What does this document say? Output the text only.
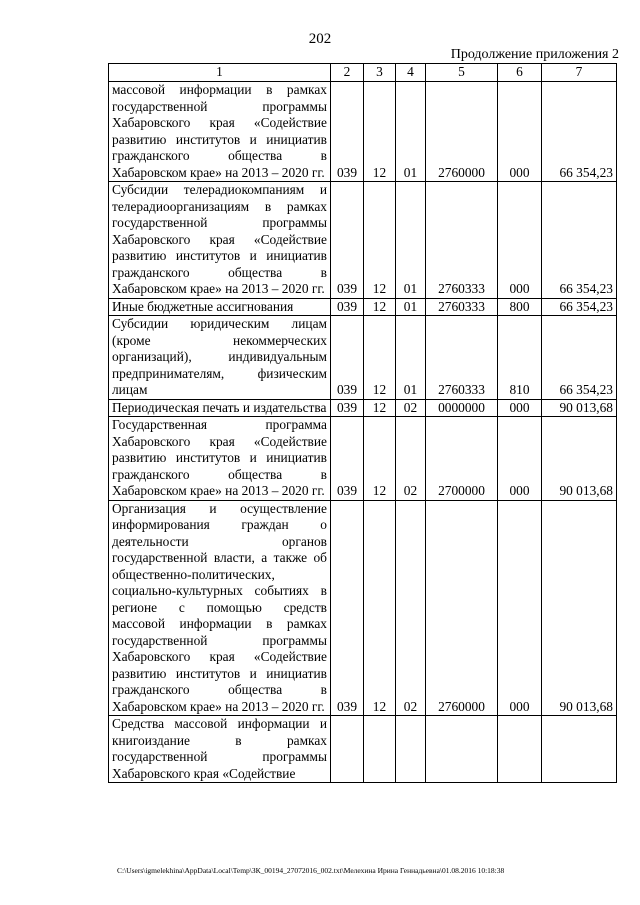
202
Продолжение приложения 2
1	2	3	4	5	6	7
массовой информации в рамках государственной программы Хабаровского края «Содействие развитию институтов и инициатив гражданского общества в Хабаровском крае» на 2013 – 2020 гг.	039	12	01	2760000	000	66 354,23
Субсидии телерадиокомпаниям и телерадиоорганизациям в рамках государственной программы Хабаровского края «Содействие развитию институтов и инициатив гражданского общества в Хабаровском крае» на 2013 – 2020 гг.	039	12	01	2760333	000	66 354,23
Иные бюджетные ассигнования	039	12	01	2760333	800	66 354,23
Субсидии юридическим лицам (кроме некоммерческих организаций), индивидуальным предпринимателям, физическим лицам	039	12	01	2760333	810	66 354,23
Периодическая печать и издательства	039	12	02	0000000	000	90 013,68
Государственная программа Хабаровского края «Содействие развитию институтов и инициатив гражданского общества в Хабаровском крае» на 2013 – 2020 гг.	039	12	02	2700000	000	90 013,68
Организация и осуществление информирования граждан о деятельности органов государственной власти, а также об общественно-политических, социально-культурных событиях в регионе с помощью средств массовой информации в рамках государственной программы Хабаровского края «Содействие развитию институтов и инициатив гражданского общества в Хабаровском крае» на 2013 – 2020 гг.	039	12	02	2760000	000	90 013,68
Средства массовой информации и книгоиздание в рамках государственной программы Хабаровского края «Содействие						
C:\Users\igmelekhina\AppData\Local\Temp\ЗК_00194_27072016_002.txt\Мелехина Ирина Геннадьевна\01.08.2016 10:18:38
